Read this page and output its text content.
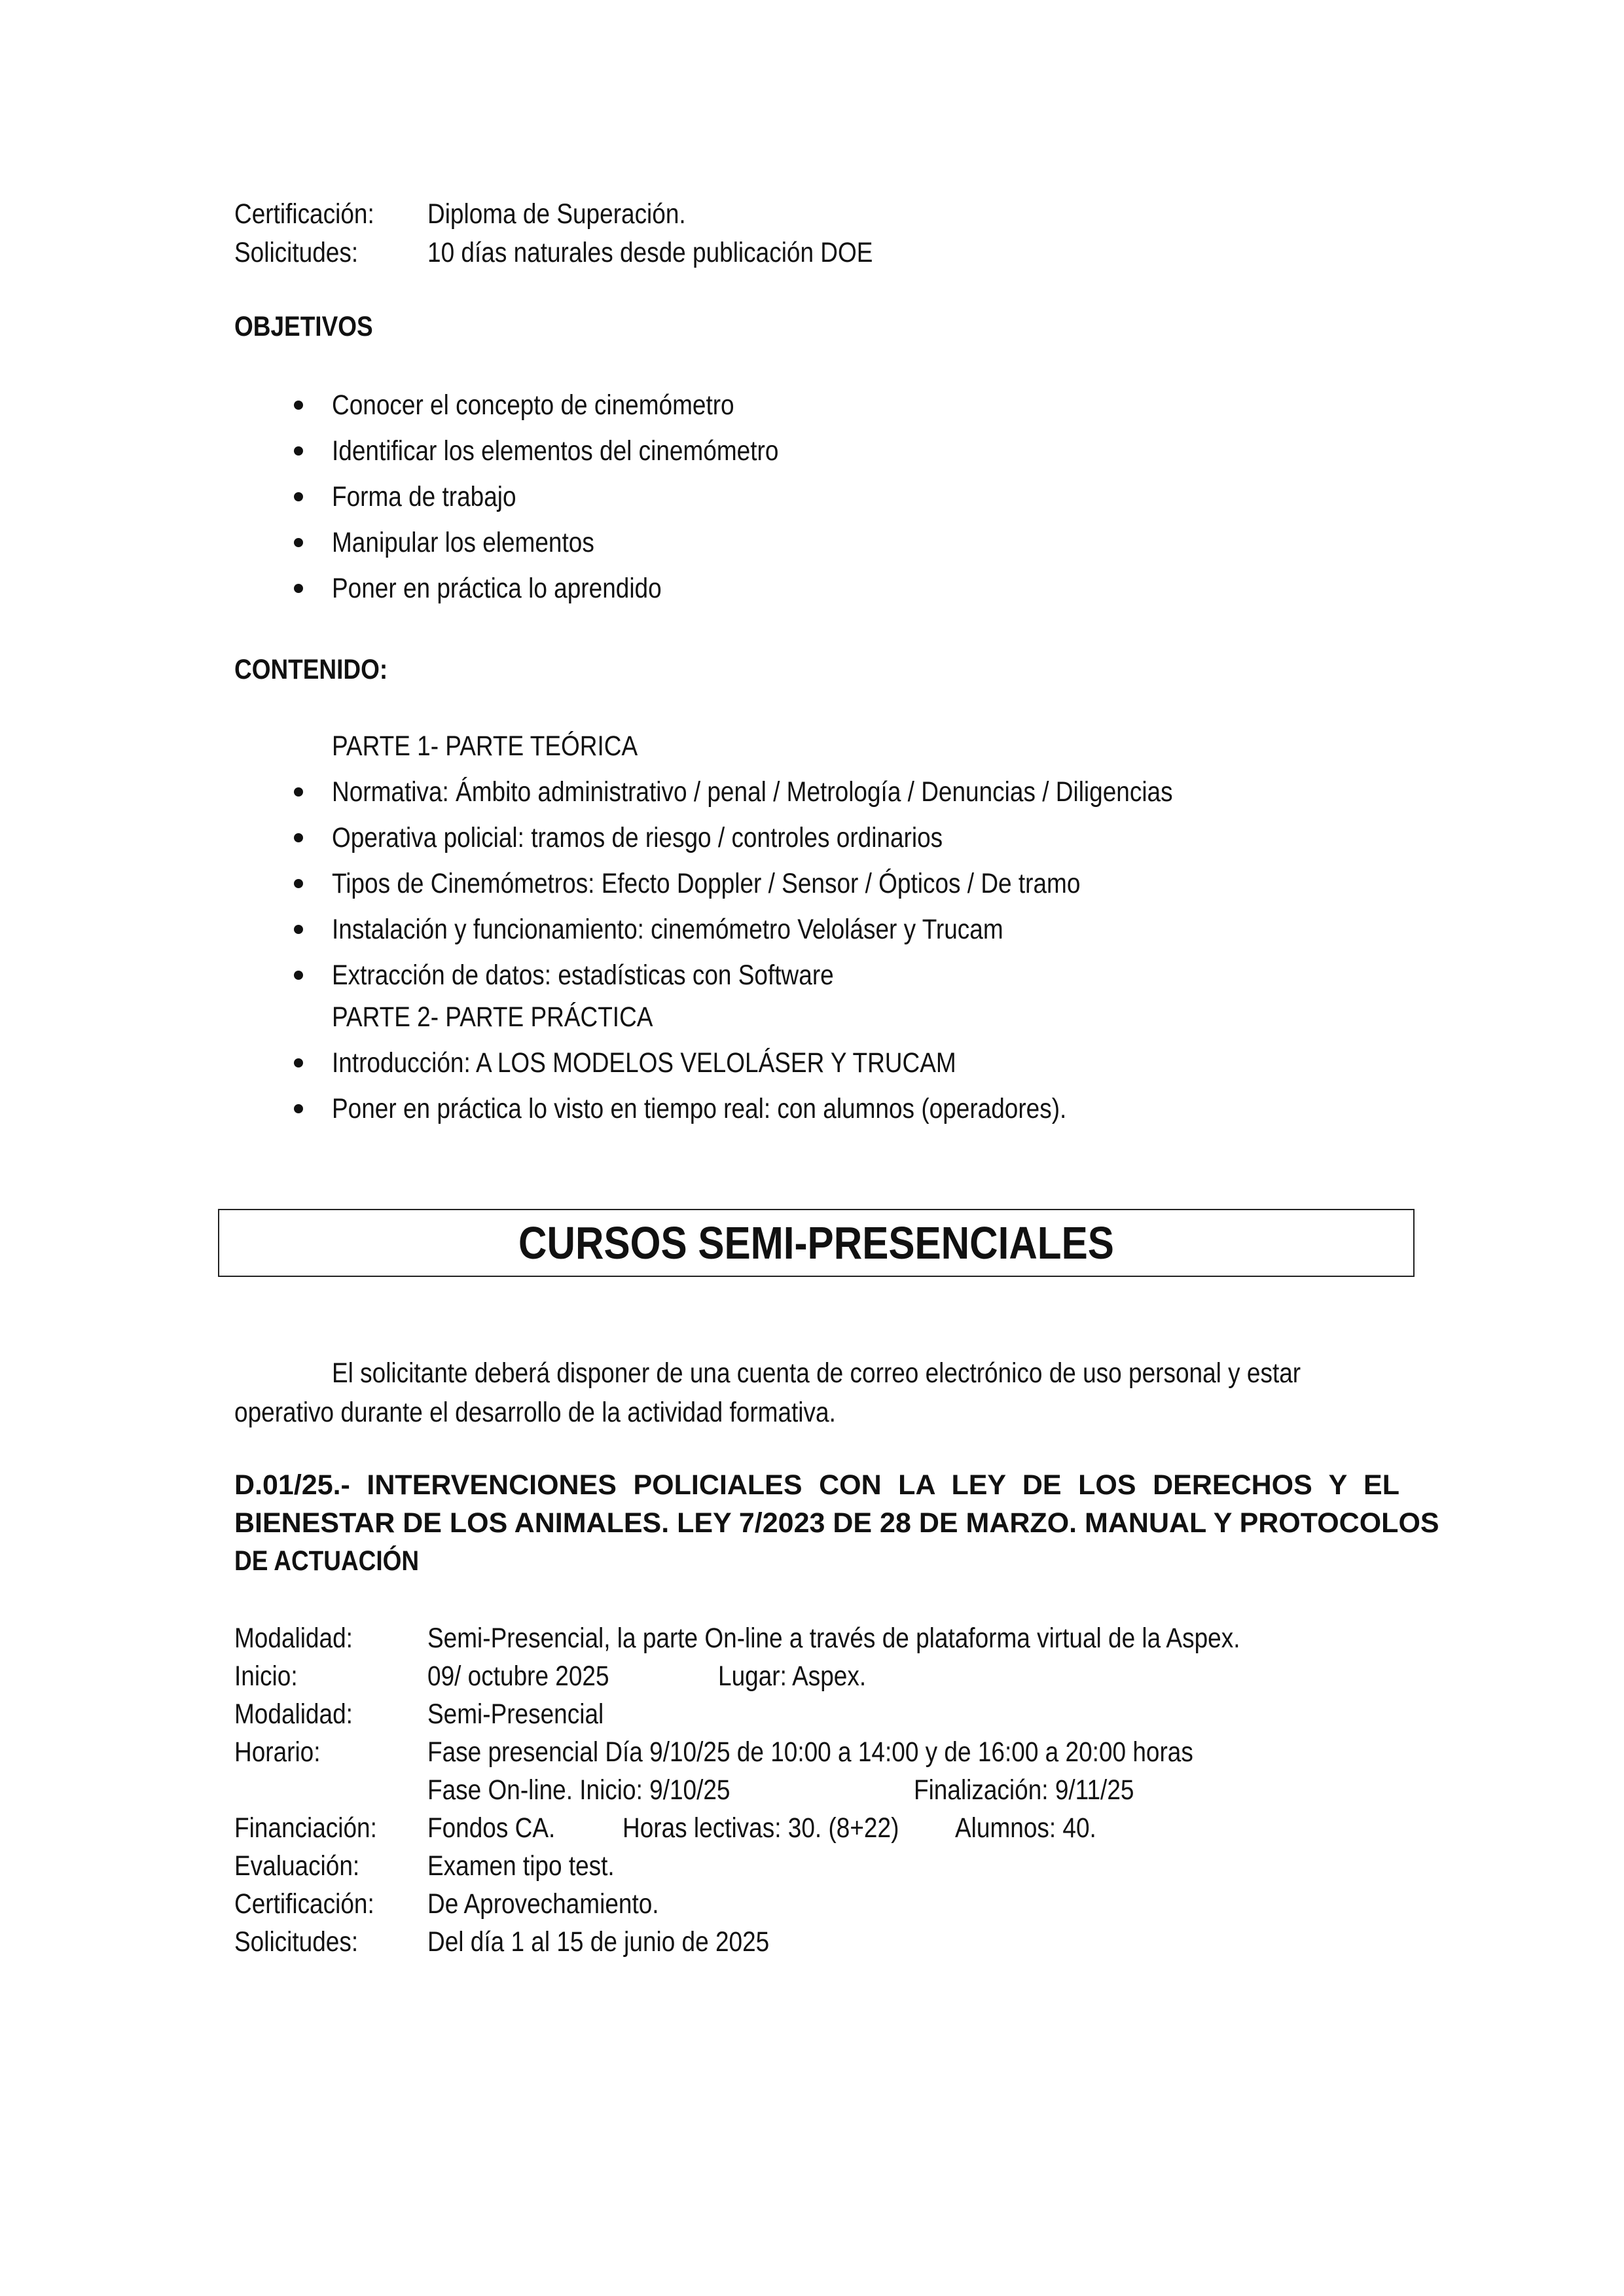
Certificación: Diploma de Superación.
Solicitudes: 10 días naturales desde publicación DOE
OBJETIVOS
Conocer el concepto de cinemómetro
Identificar los elementos del cinemómetro
Forma de trabajo
Manipular los elementos
Poner en práctica lo aprendido
CONTENIDO:
PARTE 1- PARTE TEÓRICA
Normativa: Ámbito administrativo / penal / Metrología / Denuncias / Diligencias
Operativa policial: tramos de riesgo / controles ordinarios
Tipos de Cinemómetros: Efecto Doppler / Sensor / Ópticos / De tramo
Instalación y funcionamiento: cinemómetro Veloláser y Trucam
Extracción de datos: estadísticas con Software
PARTE 2- PARTE PRÁCTICA
Introducción: A LOS MODELOS VELOLÁSER Y TRUCAM
Poner en práctica lo visto en tiempo real: con alumnos (operadores).
CURSOS SEMI-PRESENCIALES
El solicitante deberá disponer de una cuenta de correo electrónico de uso personal y estar
operativo durante el desarrollo de la actividad formativa.
D.01/25.- INTERVENCIONES POLICIALES CON LA LEY DE LOS DERECHOS Y EL
BIENESTAR DE LOS ANIMALES. LEY 7/2023 DE 28 DE MARZO. MANUAL Y PROTOCOLOS
DE ACTUACIÓN
Modalidad:	Semi-Presencial, la parte On-line a través de plataforma virtual de la Aspex.
Inicio:	09/ octubre 2025	Lugar: Aspex.
Modalidad:	Semi-Presencial
Horario:	Fase presencial Día 9/10/25 de 10:00 a 14:00 y de 16:00 a 20:00 horas
Fase On-line. Inicio: 9/10/25	Finalización: 9/11/25
Financiación: Fondos CA. Horas lectivas: 30. (8+22) Alumnos: 40.
Evaluación: Examen tipo test.
Certificación: De Aprovechamiento.
Solicitudes: Del día 1 al 15 de junio de 2025
